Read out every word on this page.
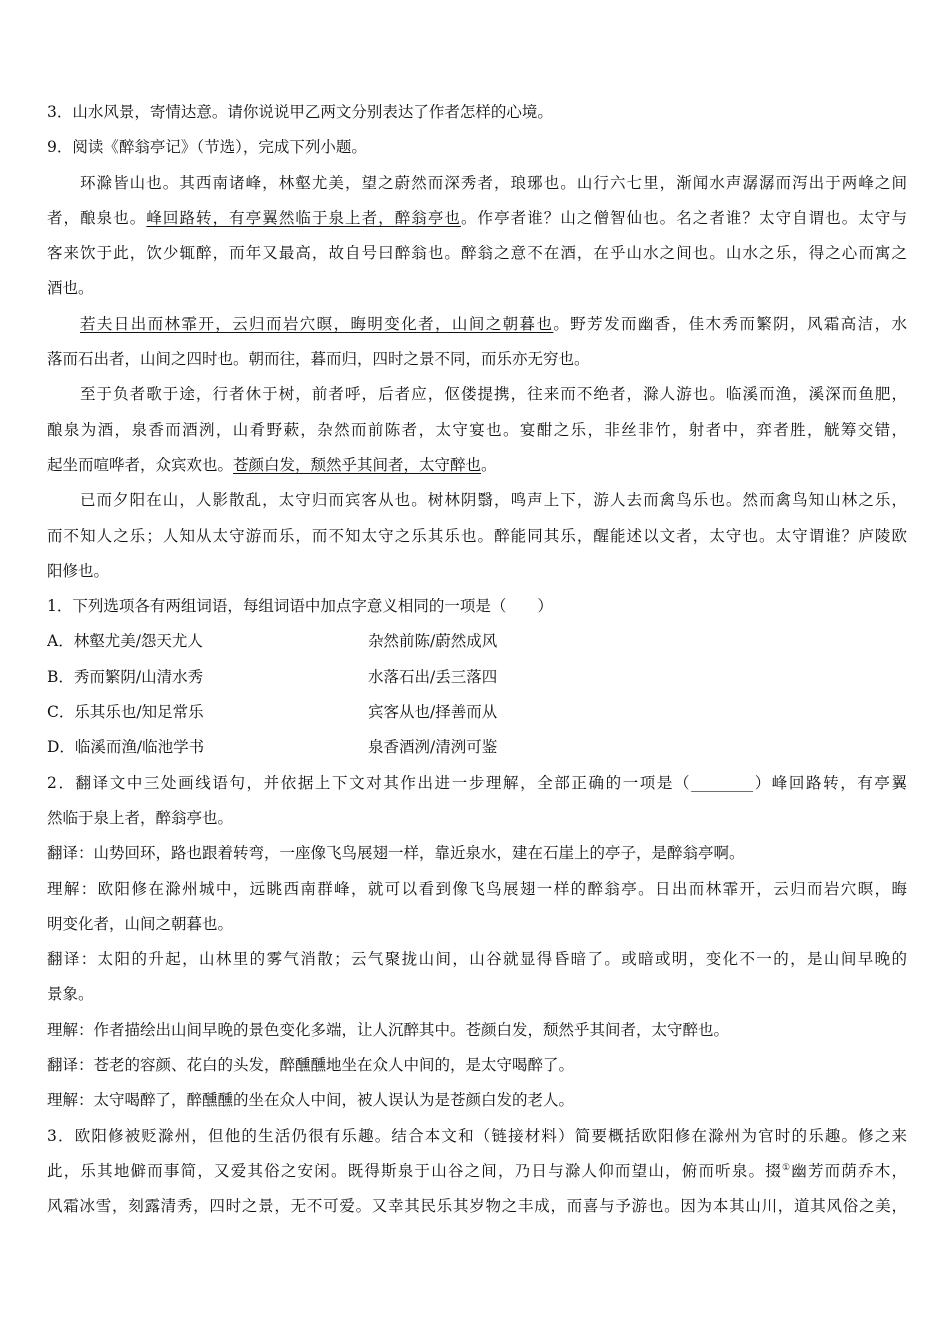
3．山水风景，寄情达意。请你说说甲乙两文分别表达了作者怎样的心境。
9．阅读《醉翁亭记》（节选），完成下列小题。
环滁皆山也。其西南诸峰，林壑尤美，望之蔚然而深秀者，琅琊也。山行六七里，渐闻水声潺潺而泻出于两峰之间
者，酿泉也。峰回路转，有亭翼然临于泉上者，醉翁亭也。作亭者谁？山之僧智仙也。名之者谁？太守自谓也。太守与
客来饮于此，饮少辄醉，而年又最高，故自号曰醉翁也。醉翁之意不在酒，在乎山水之间也。山水之乐，得之心而寓之
酒也。
若夫日出而林霏开，云归而岩穴暝，晦明变化者，山间之朝暮也。野芳发而幽香，佳木秀而繁阴，风霜高洁，水
落而石出者，山间之四时也。朝而往，暮而归，四时之景不同，而乐亦无穷也。
至于负者歌于途，行者休于树，前者呼，后者应，伛偻提携，往来而不绝者，滁人游也。临溪而渔，溪深而鱼肥，
酿泉为酒，泉香而酒洌，山肴野蔌，杂然而前陈者，太守宴也。宴酣之乐，非丝非竹，射者中，弈者胜，觥筹交错，
起坐而喧哗者，众宾欢也。苍颜白发，颓然乎其间者，太守醉也。
已而夕阳在山，人影散乱，太守归而宾客从也。树林阴翳，鸣声上下，游人去而禽鸟乐也。然而禽鸟知山林之乐，
而不知人之乐；人知从太守游而乐，而不知太守之乐其乐也。醉能同其乐，醒能述以文者，太守也。太守谓谁？庐陵欧
阳修也。
1．下列选项各有两组词语，每组词语中加点字意义相同的一项是（　　）
A．林壑尤美/怨天尤人	杂然前陈/蔚然成风
B．秀而繁阴/山清水秀	水落石出/丢三落四
C．乐其乐也/知足常乐	宾客从也/择善而从
D．临溪而渔/临池学书	泉香酒洌/清洌可鉴
2．翻译文中三处画线语句，并依据上下文对其作出进一步理解，全部正确的一项是（________）峰回路转，有亭翼
然临于泉上者，醉翁亭也。
翻译：山势回环，路也跟着转弯，一座像飞鸟展翅一样，靠近泉水，建在石崖上的亭子，是醉翁亭啊。
理解：欧阳修在滁州城中，远眺西南群峰，就可以看到像飞鸟展翅一样的醉翁亭。日出而林霏开，云归而岩穴暝，晦
明变化者，山间之朝暮也。
翻译：太阳的升起，山林里的雾气消散；云气聚拢山间，山谷就显得昏暗了。或暗或明，变化不一的，是山间早晚的
景象。
理解：作者描绘出山间早晚的景色变化多端，让人沉醉其中。苍颜白发，颓然乎其间者，太守醉也。
翻译：苍老的容颜、花白的头发，醉醺醺地坐在众人中间的，是太守喝醉了。
理解：太守喝醉了，醉醺醺的坐在众人中间，被人误认为是苍颜白发的老人。
3．欧阳修被贬滁州，但他的生活仍很有乐趣。结合本文和（链接材料）简要概括欧阳修在滁州为官时的乐趣。修之来
此，乐其地僻而事简，又爱其俗之安闲。既得斯泉于山谷之间，乃日与滁人仰而望山，俯而听泉。掇①幽芳而荫乔木，
风霜冰雪，刻露清秀，四时之景，无不可爱。又幸其民乐其岁物之丰成，而喜与予游也。因为本其山川，道其风俗之美，
